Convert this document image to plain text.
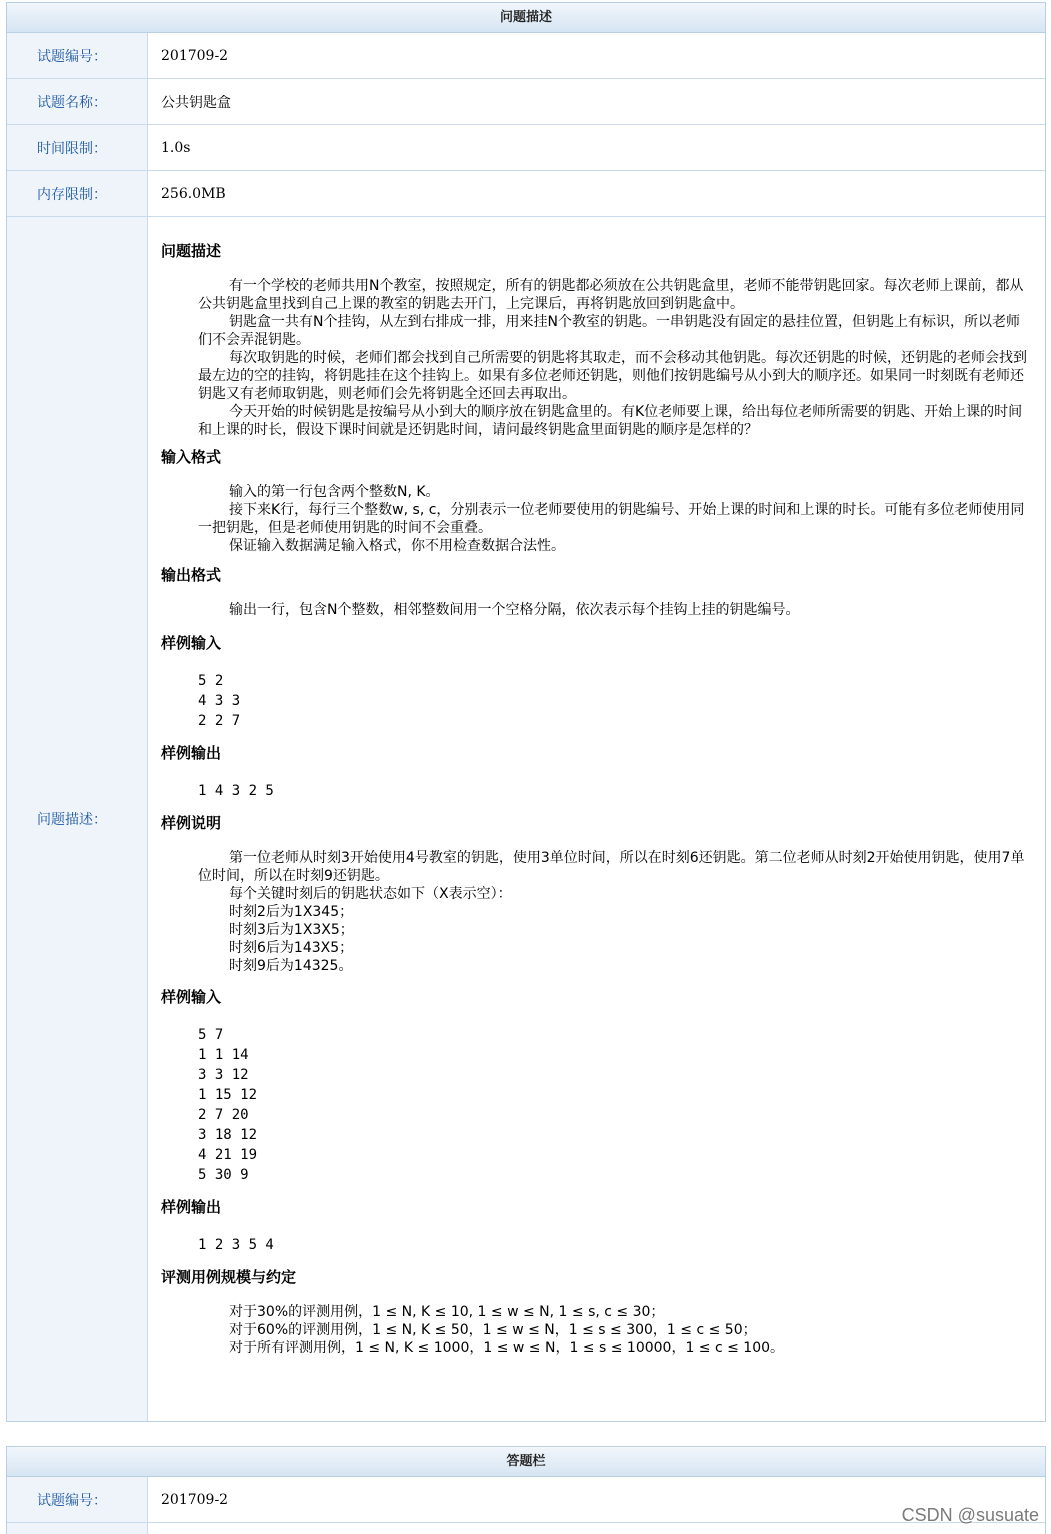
问题描述
试题编号：	201709-2
试题名称：	公共钥匙盒
时间限制：	1.0s
内存限制：	256.0MB
问题描述：
问题描述

有一个学校的老师共用N个教室，按照规定，所有的钥匙都必须放在公共钥匙盒里，老师不能带钥匙回家。每次老师上课前，都从公共钥匙盒里找到自己上课的教室的钥匙去开门，上完课后，再将钥匙放回到钥匙盒中。

钥匙盒一共有N个挂钩，从左到右排成一排，用来挂N个教室的钥匙。一串钥匙没有固定的悬挂位置，但钥匙上有标识，所以老师们不会弄混钥匙。

每次取钥匙的时候，老师们都会找到自己所需要的钥匙将其取走，而不会移动其他钥匙。每次还钥匙的时候，还钥匙的老师会找到最左边的空的挂钩，将钥匙挂在这个挂钩上。如果有多位老师还钥匙，则他们按钥匙编号从小到大的顺序还。如果同一时刻既有老师还钥匙又有老师取钥匙，则老师们会先将钥匙全还回去再取出。

今天开始的时候钥匙是按编号从小到大的顺序放在钥匙盒里的。有K位老师要上课，给出每位老师所需要的钥匙、开始上课的时间和上课的时长，假设下课时间就是还钥匙时间，请问最终钥匙盒里面钥匙的顺序是怎样的？

输入格式

输入的第一行包含两个整数N, K。

接下来K行，每行三个整数w, s, c，分别表示一位老师要使用的钥匙编号、开始上课的时间和上课的时长。可能有多位老师使用同一把钥匙，但是老师使用钥匙的时间不会重叠。

保证输入数据满足输入格式，你不用检查数据合法性。

输出格式

输出一行，包含N个整数，相邻整数间用一个空格分隔，依次表示每个挂钩上挂的钥匙编号。

样例输入
5 2
4 3 3
2 2 7
样例输出
1 4 3 2 5
样例说明

第一位老师从时刻3开始使用4号教室的钥匙，使用3单位时间，所以在时刻6还钥匙。第二位老师从时刻2开始使用钥匙，使用7单位时间，所以在时刻9还钥匙。

每个关键时刻后的钥匙状态如下（X表示空）：

时刻2后为1X345；

时刻3后为1X3X5；

时刻6后为143X5；

时刻9后为14325。

样例输入
5 7
1 1 14
3 3 12
1 15 12
2 7 20
3 18 12
4 21 19
5 30 9
样例输出
1 2 3 5 4
评测用例规模与约定

对于30%的评测用例，1 ≤ N, K ≤ 10, 1 ≤ w ≤ N, 1 ≤ s, c ≤ 30；

对于60%的评测用例，1 ≤ N, K ≤ 50，1 ≤ w ≤ N，1 ≤ s ≤ 300，1 ≤ c ≤ 50；

对于所有评测用例，1 ≤ N, K ≤ 1000，1 ≤ w ≤ N，1 ≤ s ≤ 10000，1 ≤ c ≤ 100。

答题栏
试题编号：	201709-2
CSDN @susuate
